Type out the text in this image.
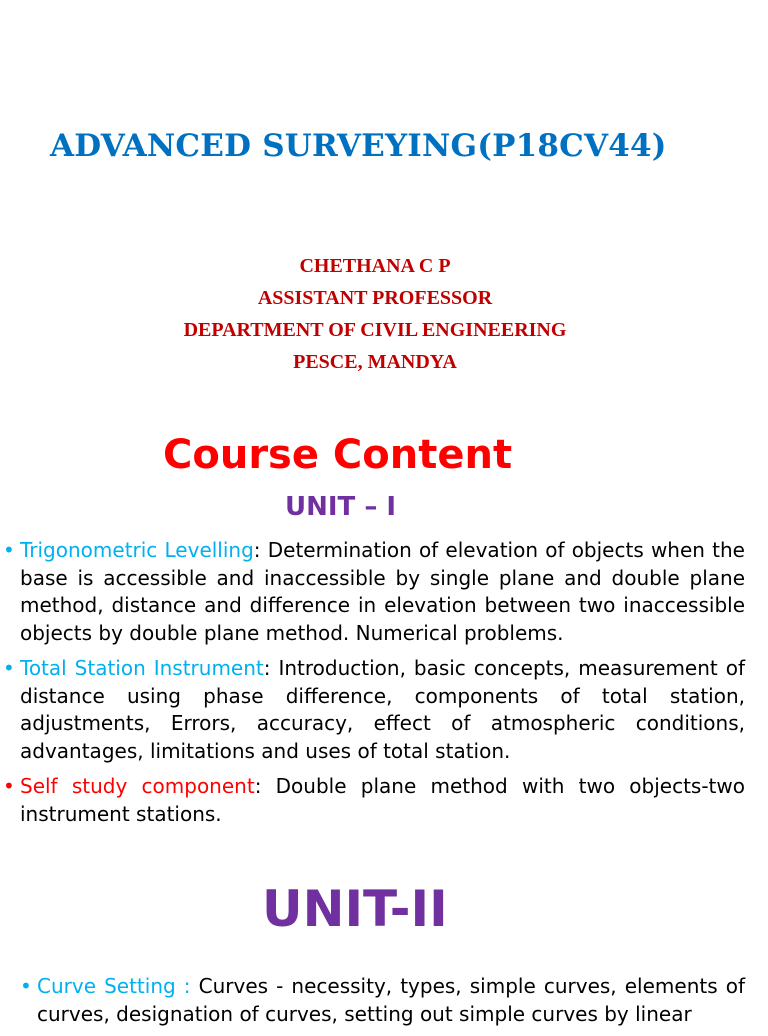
ADVANCED SURVEYING(P18CV44)
CHETHANA C P
ASSISTANT PROFESSOR
DEPARTMENT OF CIVIL ENGINEERING
PESCE, MANDYA
Course Content
UNIT – I
• Trigonometric Levelling: Determination of elevation of objects when the base is accessible and inaccessible by single plane and double plane method, distance and difference in elevation between two inaccessible objects by double plane method. Numerical problems.
• Total Station Instrument: Introduction, basic concepts, measurement of distance using phase difference, components of total station, adjustments, Errors, accuracy, effect of atmospheric conditions, advantages, limitations and uses of total station.
• Self study component: Double plane method with two objects-two instrument stations.
UNIT-II
• Curve Setting : Curves - necessity, types, simple curves, elements of curves, designation of curves, setting out simple curves by linear
